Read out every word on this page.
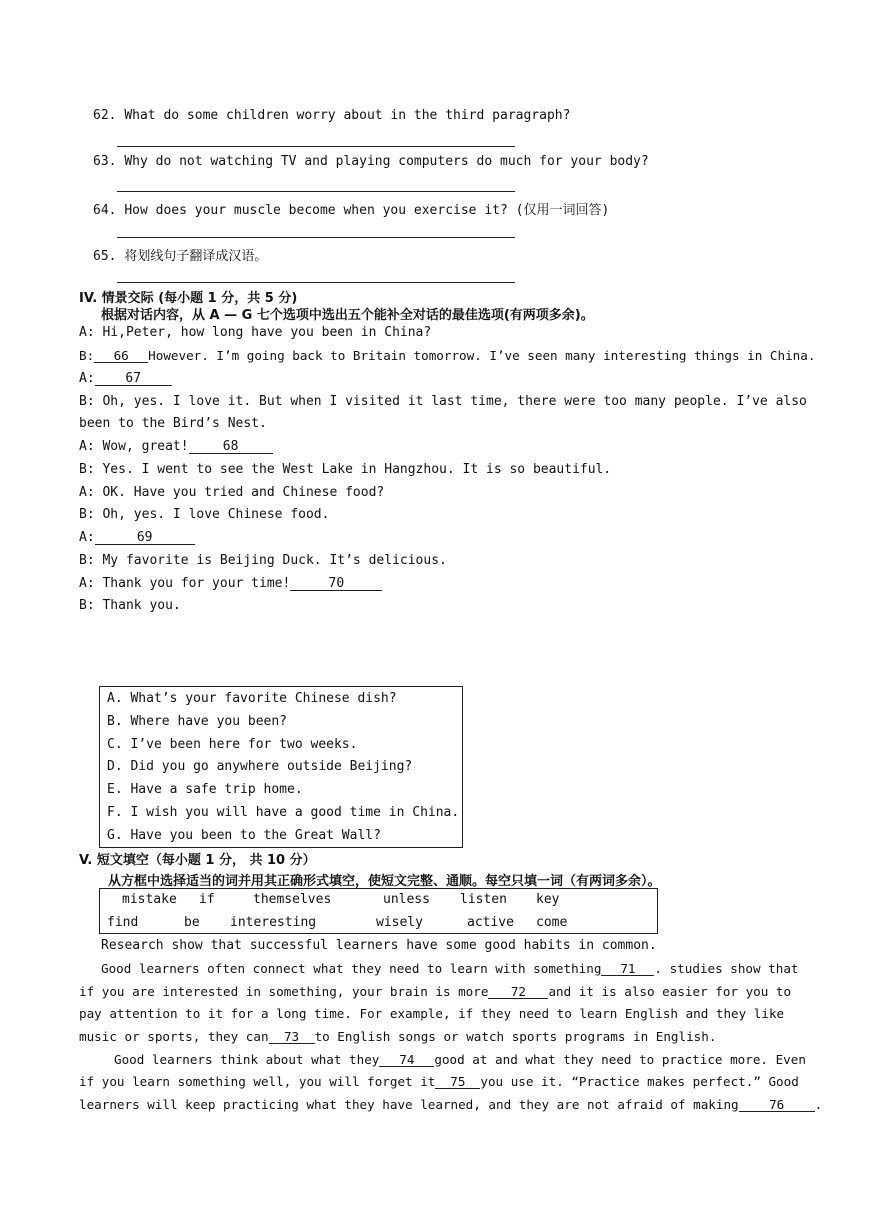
62. What do some children worry about in the third paragraph?
63. Why do not watching TV and playing computers do much for your body?
64. How does your muscle become when you exercise it? (仅用一词回答)
65. 将划线句子翻译成汉语。
IV. 情景交际 (每小题 1 分，共 5 分)
根据对话内容，从 A — G 七个选项中选出五个能补全对话的最佳选项(有两项多余)。
A: Hi,Peter, how long have you been in China?
B: 66 However. I’m going back to Britain tomorrow. I’ve seen many interesting things in China.
A: 67
B: Oh, yes. I love it. But when I visited it last time, there were too many people. I’ve also
been to the Bird’s Nest.
A: Wow, great!	68
B: Yes. I went to see the West Lake in Hangzhou. It is so beautiful.
A: OK. Have you tried and Chinese food?
B: Oh, yes. I love Chinese food.
A:	69
B: My favorite is Beijing Duck. It’s delicious.
A: Thank you for your time!	70
B: Thank you.
A. What’s your favorite Chinese dish?
B. Where have you been?
C. I’ve been here for two weeks.
D. Did you go anywhere outside Beijing?
E. Have a safe trip home.
F. I wish you will have a good time in China.
G. Have you been to the Great Wall?
V. 短文填空（每小题 1 分， 共 10 分）
从方框中选择适当的词并用其正确形式填空，使短文完整、通顺。每空只填一词（有两词多余）。
mistake if	themselves	unless listen key
find	be interesting	wisely	active come
Research show that successful learners have some good habits in common.
Good learners often connect what they need to learn with something 71 . studies show that
if you are interested in something, your brain is more 72 and it is also easier for you to
pay attention to it for a long time. For example, if they need to learn English and they like
music or sports, they can 73 to English songs or watch sports programs in English.
Good learners think about what they 74 good at and what they need to practice more. Even
if you learn something well, you will forget it 75 you use it. “Practice makes perfect.” Good
learners will keep practicing what they have learned, and they are not afraid of making 76 .
